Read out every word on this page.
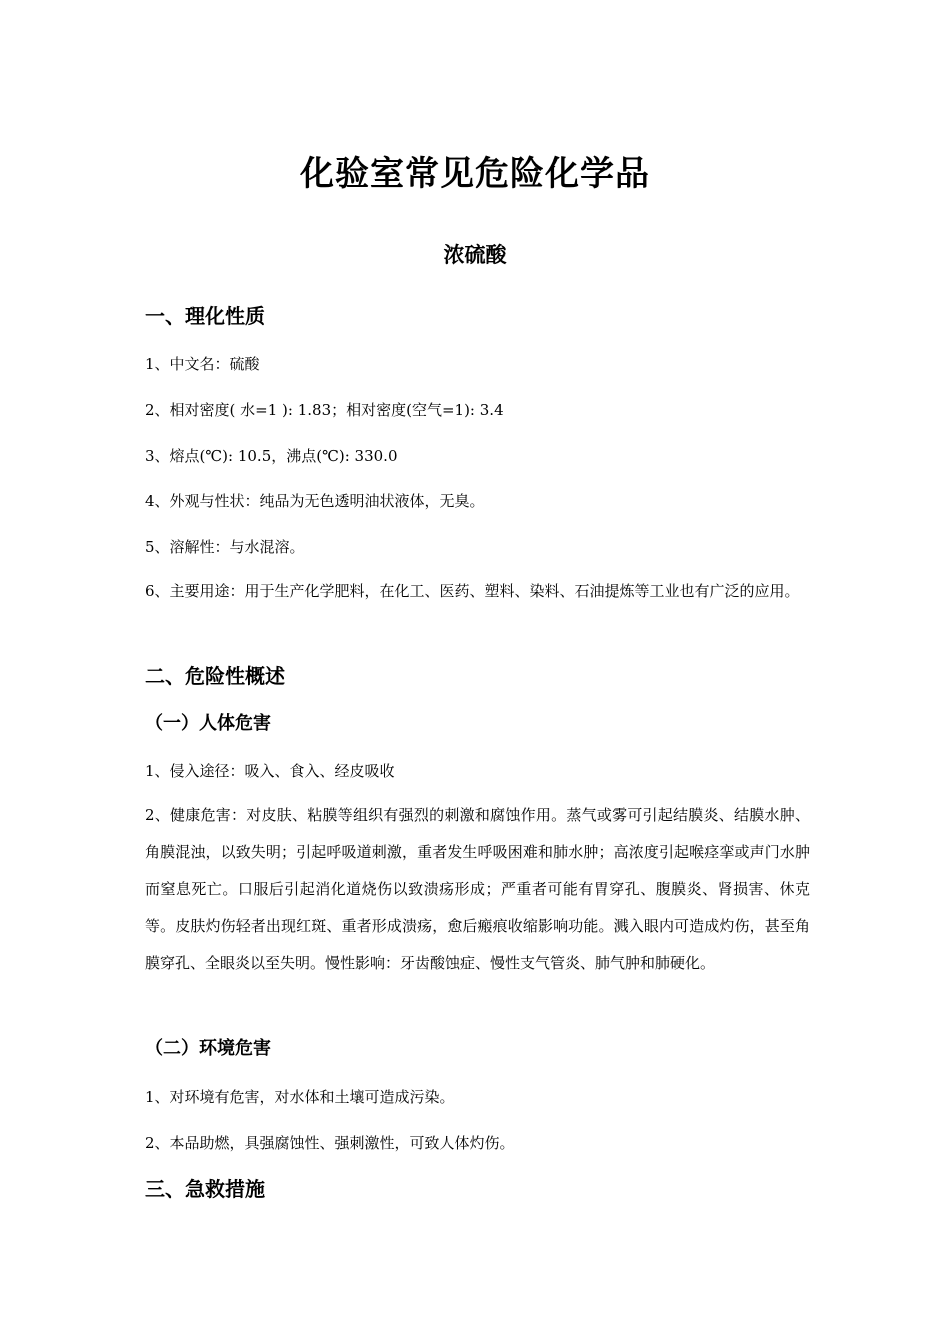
化验室常见危险化学品
浓硫酸
一、理化性质
1、中文名：硫酸
2、相对密度( 水=1 ): 1.83；相对密度(空气=1): 3.4
3、熔点(℃): 10.5，沸点(℃): 330.0
4、外观与性状：纯品为无色透明油状液体，无臭。
5、溶解性：与水混溶。
6、主要用途：用于生产化学肥料，在化工、医药、塑料、染料、石油提炼等工业也有广泛的应用。
二、危险性概述
（一）人体危害
1、侵入途径：吸入、食入、经皮吸收
2、健康危害：对皮肤、粘膜等组织有强烈的刺激和腐蚀作用。蒸气或雾可引起结膜炎、结膜水肿、角膜混浊，以致失明；引起呼吸道刺激，重者发生呼吸困难和肺水肿；高浓度引起喉痉挛或声门水肿而窒息死亡。口服后引起消化道烧伤以致溃疡形成；严重者可能有胃穿孔、腹膜炎、肾损害、休克等。皮肤灼伤轻者出现红斑、重者形成溃疡，愈后瘢痕收缩影响功能。溅入眼内可造成灼伤，甚至角膜穿孔、全眼炎以至失明。慢性影响：牙齿酸蚀症、慢性支气管炎、肺气肿和肺硬化。
（二）环境危害
1、对环境有危害，对水体和土壤可造成污染。
2、本品助燃，具强腐蚀性、强刺激性，可致人体灼伤。
三、急救措施
